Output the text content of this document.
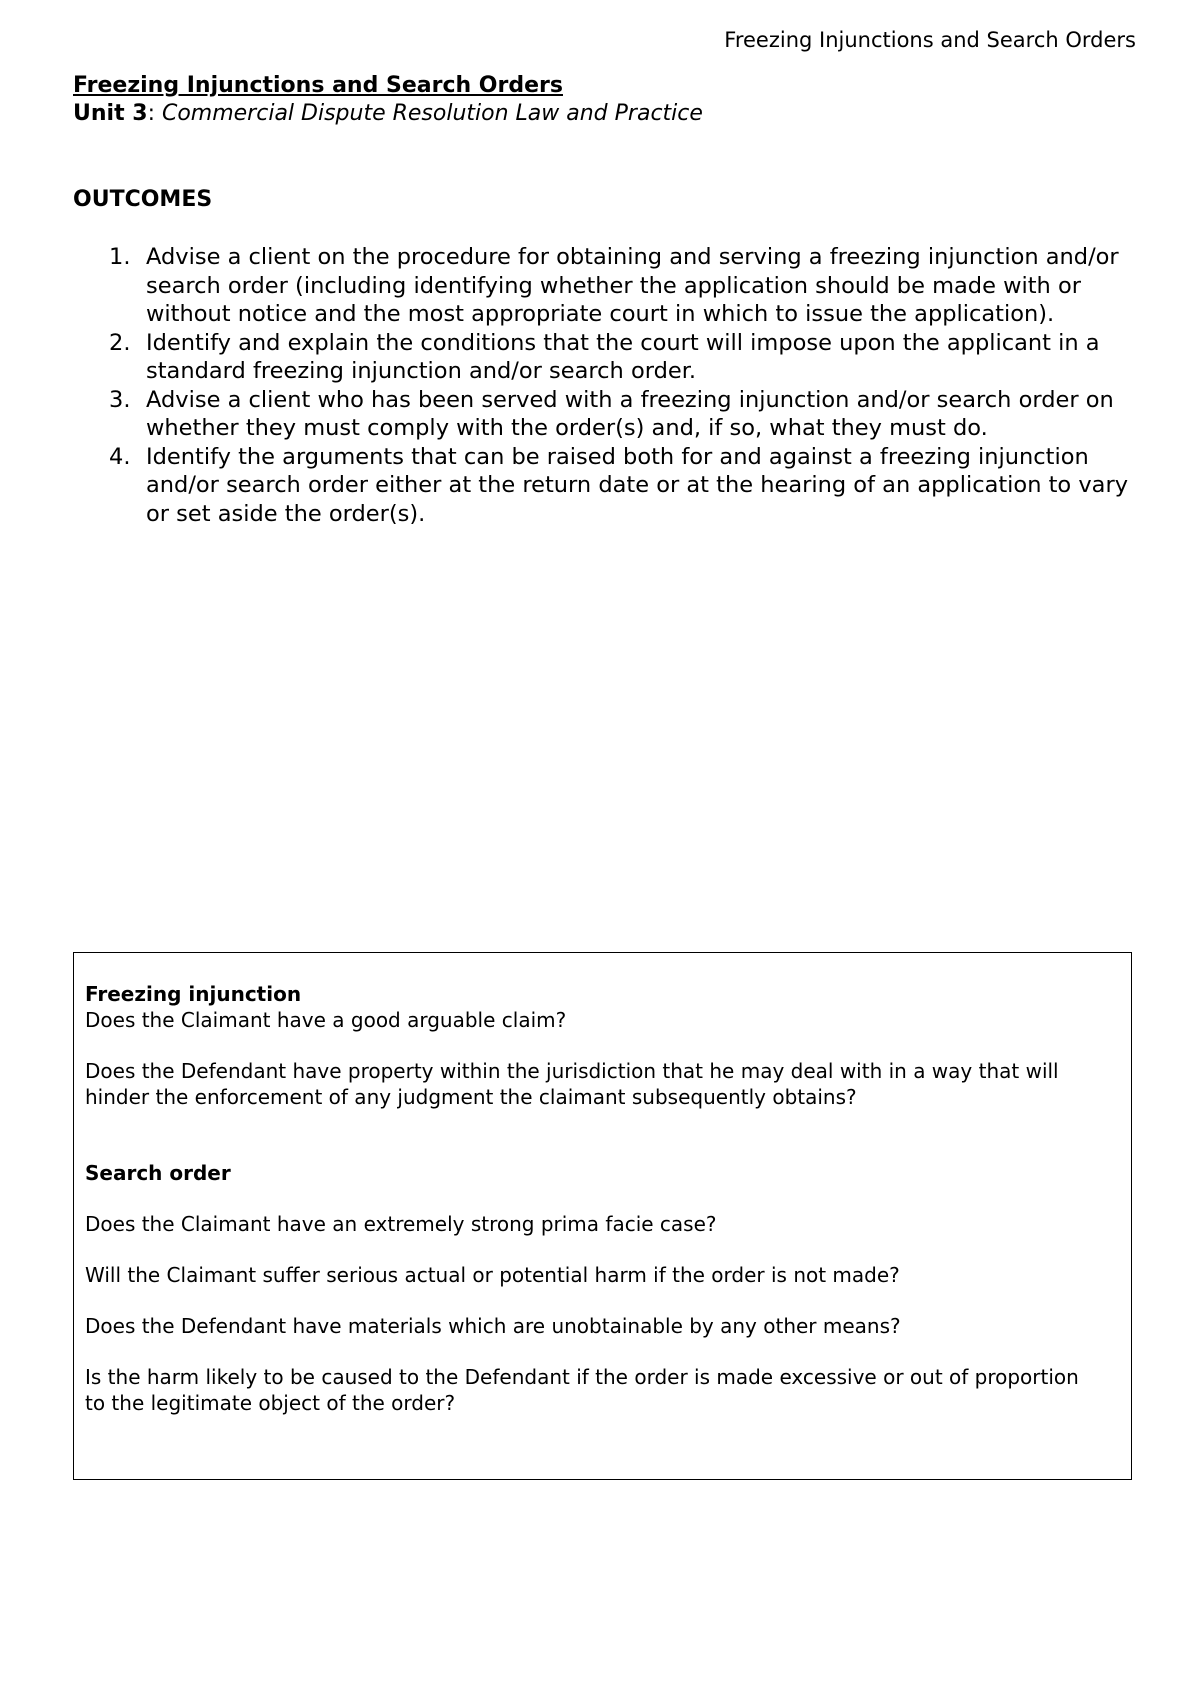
Freezing Injunctions and Search Orders
Freezing Injunctions and Search Orders
Unit 3: Commercial Dispute Resolution Law and Practice
OUTCOMES
1. Advise a client on the procedure for obtaining and serving a freezing injunction and/or search order (including identifying whether the application should be made with or without notice and the most appropriate court in which to issue the application).
2. Identify and explain the conditions that the court will impose upon the applicant in a standard freezing injunction and/or search order.
3. Advise a client who has been served with a freezing injunction and/or search order on whether they must comply with the order(s) and, if so, what they must do.
4. Identify the arguments that can be raised both for and against a freezing injunction and/or search order either at the return date or at the hearing of an application to vary or set aside the order(s).
Freezing injunction

Does the Claimant have a good arguable claim?

Does the Defendant have property within the jurisdiction that he may deal with in a way that will hinder the enforcement of any judgment the claimant subsequently obtains?

Search order

Does the Claimant have an extremely strong prima facie case?

Will the Claimant suffer serious actual or potential harm if the order is not made?

Does the Defendant have materials which are unobtainable by any other means?

Is the harm likely to be caused to the Defendant if the order is made excessive or out of proportion to the legitimate object of the order?
